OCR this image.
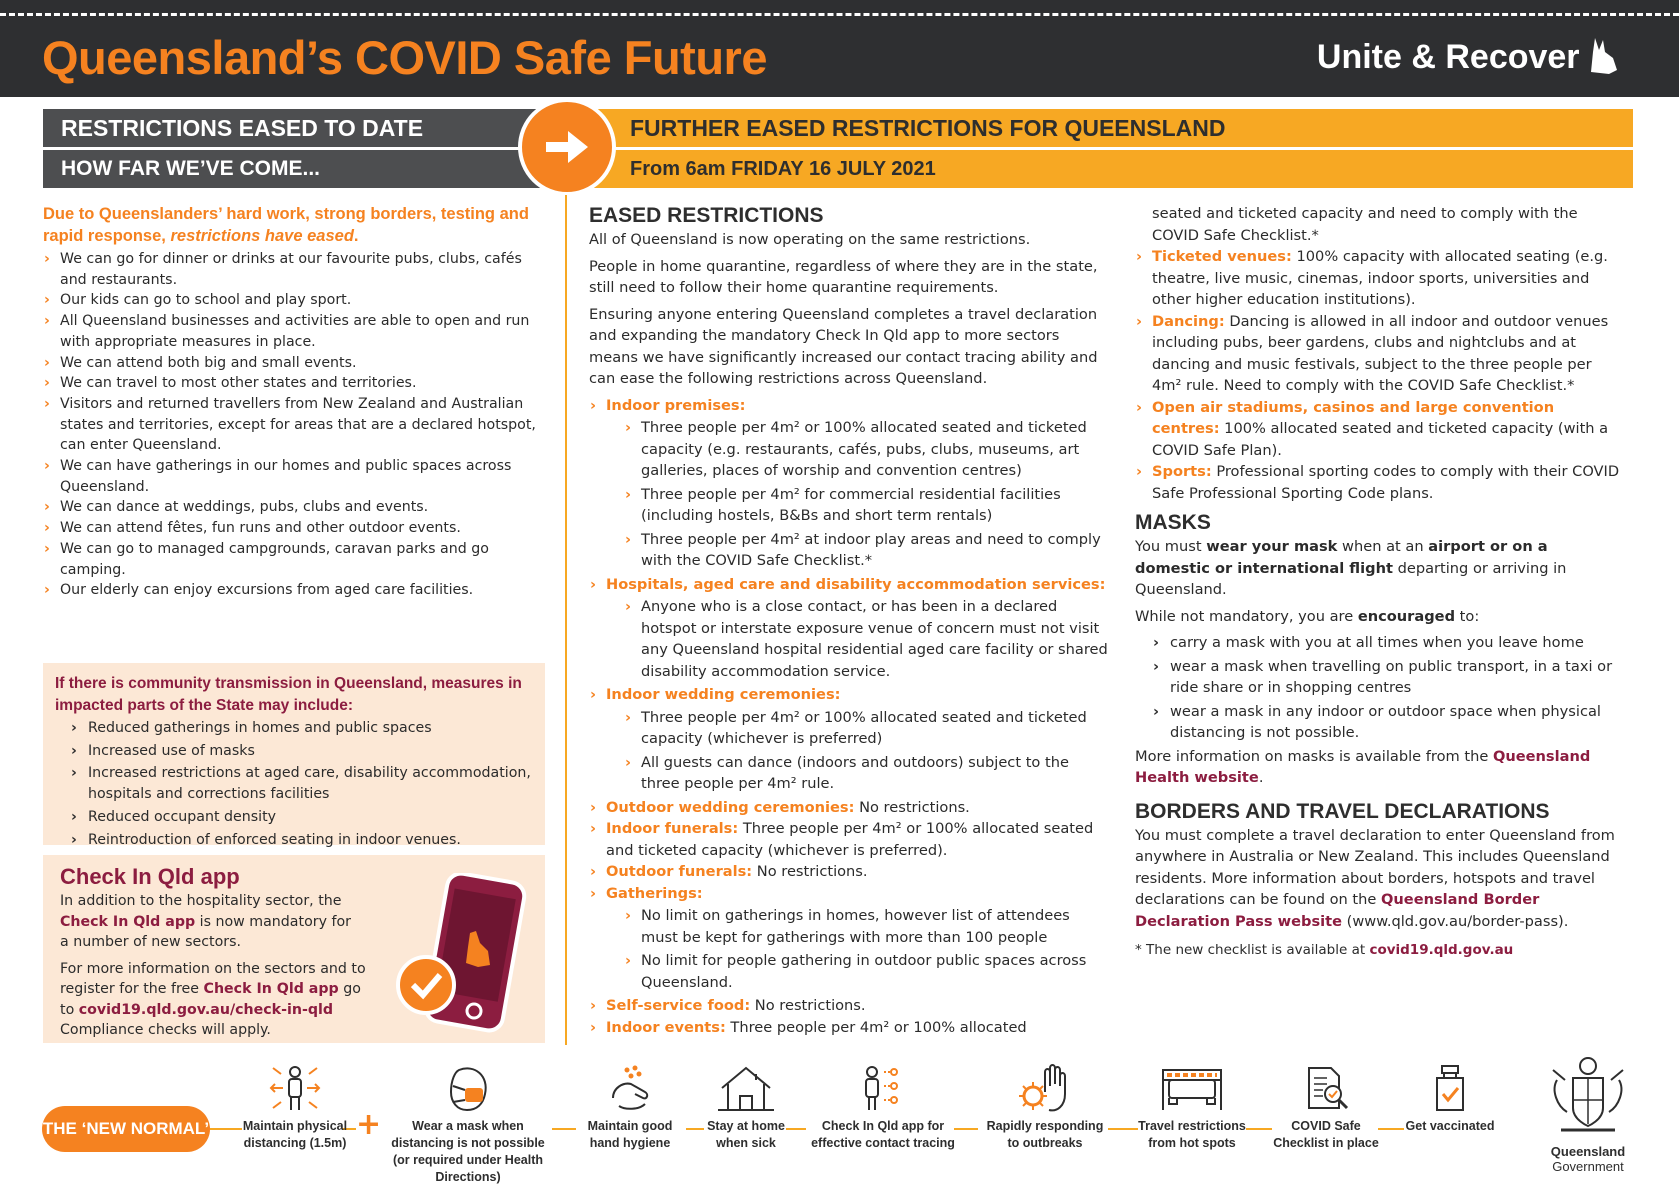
Queensland’s COVID Safe Future	Unite & Recover
RESTRICTIONS EASED TO DATE
HOW FAR WE’VE COME...
FURTHER EASED RESTRICTIONS FOR QUEENSLAND
From 6am FRIDAY 16 JULY 2021
Due to Queenslanders’ hard work, strong borders, testing and rapid response, restrictions have eased.
› We can go for dinner or drinks at our favourite pubs, clubs, cafés and restaurants.
› Our kids can go to school and play sport.
› All Queensland businesses and activities are able to open and run with appropriate measures in place.
› We can attend both big and small events.
› We can travel to most other states and territories.
› Visitors and returned travellers from New Zealand and Australian states and territories, except for areas that are a declared hotspot, can enter Queensland.
› We can have gatherings in our homes and public spaces across Queensland.
› We can dance at weddings, pubs, clubs and events.
› We can attend fêtes, fun runs and other outdoor events.
› We can go to managed campgrounds, caravan parks and go camping.
› Our elderly can enjoy excursions from aged care facilities.
If there is community transmission in Queensland, measures in impacted parts of the State may include:
› Reduced gatherings in homes and public spaces
› Increased use of masks
› Increased restrictions at aged care, disability accommodation, hospitals and corrections facilities
› Reduced occupant density
› Reintroduction of enforced seating in indoor venues.
Check In Qld app
In addition to the hospitality sector, the Check In Qld app is now mandatory for a number of new sectors.
For more information on the sectors and to register for the free Check In Qld app go to covid19.qld.gov.au/check-in-qld Compliance checks will apply.
EASED RESTRICTIONS

All of Queensland is now operating on the same restrictions.

People in home quarantine, regardless of where they are in the state, still need to follow their home quarantine requirements.

Ensuring anyone entering Queensland completes a travel declaration and expanding the mandatory Check In Qld app to more sectors means we have significantly increased our contact tracing ability and can ease the following restrictions across Queensland.

› Indoor premises:
› Three people per 4m² or 100% allocated seated and ticketed capacity (e.g. restaurants, cafés, pubs, clubs, museums, art galleries, places of worship and convention centres)
› Three people per 4m² for commercial residential facilities (including hostels, B&Bs and short term rentals)
› Three people per 4m² at indoor play areas and need to comply with the COVID Safe Checklist.*
› Hospitals, aged care and disability accommodation services:
› Anyone who is a close contact, or has been in a declared hotspot or interstate exposure venue of concern must not visit any Queensland hospital residential aged care facility or shared disability accommodation service.
› Indoor wedding ceremonies:
› Three people per 4m² or 100% allocated seated and ticketed capacity (whichever is preferred)
› All guests can dance (indoors and outdoors) subject to the three people per 4m² rule.
› Outdoor wedding ceremonies: No restrictions.
› Indoor funerals: Three people per 4m² or 100% allocated seated and ticketed capacity (whichever is preferred).
› Outdoor funerals: No restrictions.
› Gatherings:
› No limit on gatherings in homes, however list of attendees must be kept for gatherings with more than 100 people
› No limit for people gathering in outdoor public spaces across Queensland.
› Self-service food: No restrictions.
› Indoor events: Three people per 4m² or 100% allocated
seated and ticketed capacity and need to comply with the COVID Safe Checklist.*
› Ticketed venues: 100% capacity with allocated seating (e.g. theatre, live music, cinemas, indoor sports, universities and other higher education institutions).
› Dancing: Dancing is allowed in all indoor and outdoor venues including pubs, beer gardens, clubs and nightclubs and at dancing and music festivals, subject to the three people per 4m² rule. Need to comply with the COVID Safe Checklist.*
› Open air stadiums, casinos and large convention centres: 100% allocated seated and ticketed capacity (with a COVID Safe Plan).
› Sports: Professional sporting codes to comply with their COVID Safe Professional Sporting Code plans.
MASKS

You must wear your mask when at an airport or on a domestic or international flight departing or arriving in Queensland.

While not mandatory, you are encouraged to:

› carry a mask with you at all times when you leave home
› wear a mask when travelling on public transport, in a taxi or ride share or in shopping centres
› wear a mask in any indoor or outdoor space when physical distancing is not possible.

More information on masks is available from the Queensland Health website.

BORDERS AND TRAVEL DECLARATIONS

You must complete a travel declaration to enter Queensland from anywhere in Australia or New Zealand. This includes Queensland residents. More information about borders, hotspots and travel declarations can be found on the Queensland Border Declaration Pass website (www.qld.gov.au/border-pass).

* The new checklist is available at covid19.qld.gov.au

THE ‘NEW NORMAL’	+
Maintain physical distancing (1.5m)
Wear a mask when distancing is not possible (or required under Health Directions)
Maintain good hand hygiene
Stay at home when sick
Check In Qld app for effective contact tracing
Rapidly responding to outbreaks
Travel restrictions from hot spots
COVID Safe Checklist in place
Get vaccinated
Queensland
Government
